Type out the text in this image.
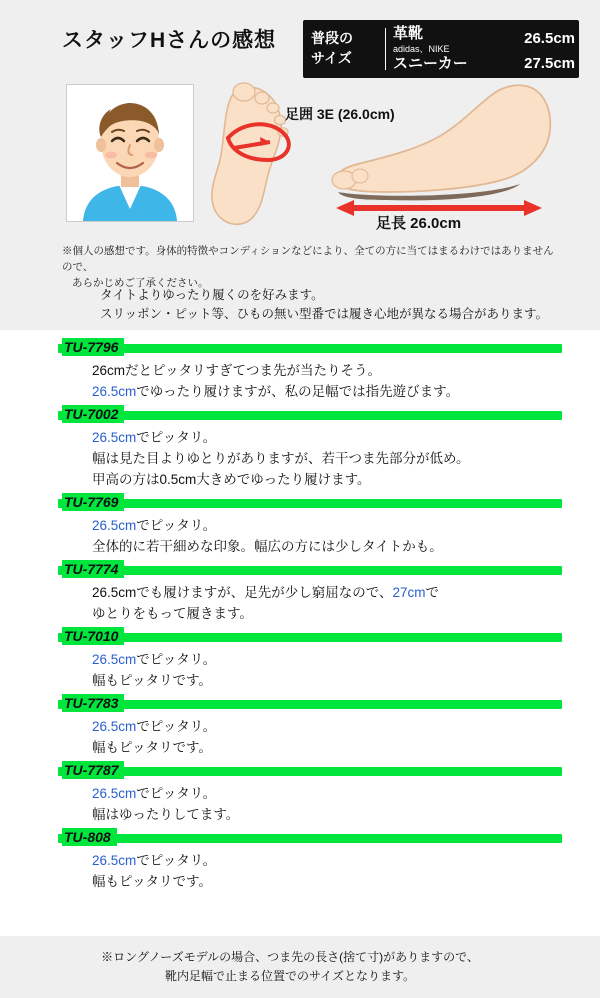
スタッフHさんの感想 普段の
サイズ
革靴
adidas、NIKE
スニーカー
26.5cm
27.5cm
足囲 3E (26.0cm)
足長 26.0cm
※個人の感想です。身体的特徴やコンディションなどにより、全ての方に当てはまるわけではありませんので、
あらかじめご了承ください。
タイトよりゆったり履くのを好みます。
スリッポン・ピット等、ひもの無い型番では履き心地が異なる場合があります。
TU-7796
26cmだとピッタリすぎてつま先が当たりそう。
26.5cmでゆったり履けますが、私の足幅では指先遊びます。
TU-7002
26.5cmでピッタリ。
幅は見た目よりゆとりがありますが、若干つま先部分が低め。
甲高の方は0.5cm大きめでゆったり履けます。
TU-7769
26.5cmでピッタリ。
全体的に若干細めな印象。幅広の方には少しタイトかも。
TU-7774
26.5cmでも履けますが、足先が少し窮屈なので、27cmで
ゆとりをもって履きます。
TU-7010
26.5cmでピッタリ。
幅もピッタリです。
TU-7783
26.5cmでピッタリ。
幅もピッタリです。
TU-7787
26.5cmでピッタリ。
幅はゆったりしてます。
TU-808
26.5cmでピッタリ。
幅もピッタリです。
※ロングノーズモデルの場合、つま先の長さ(捨て寸)がありますので、
靴内足幅で止まる位置でのサイズとなります。
